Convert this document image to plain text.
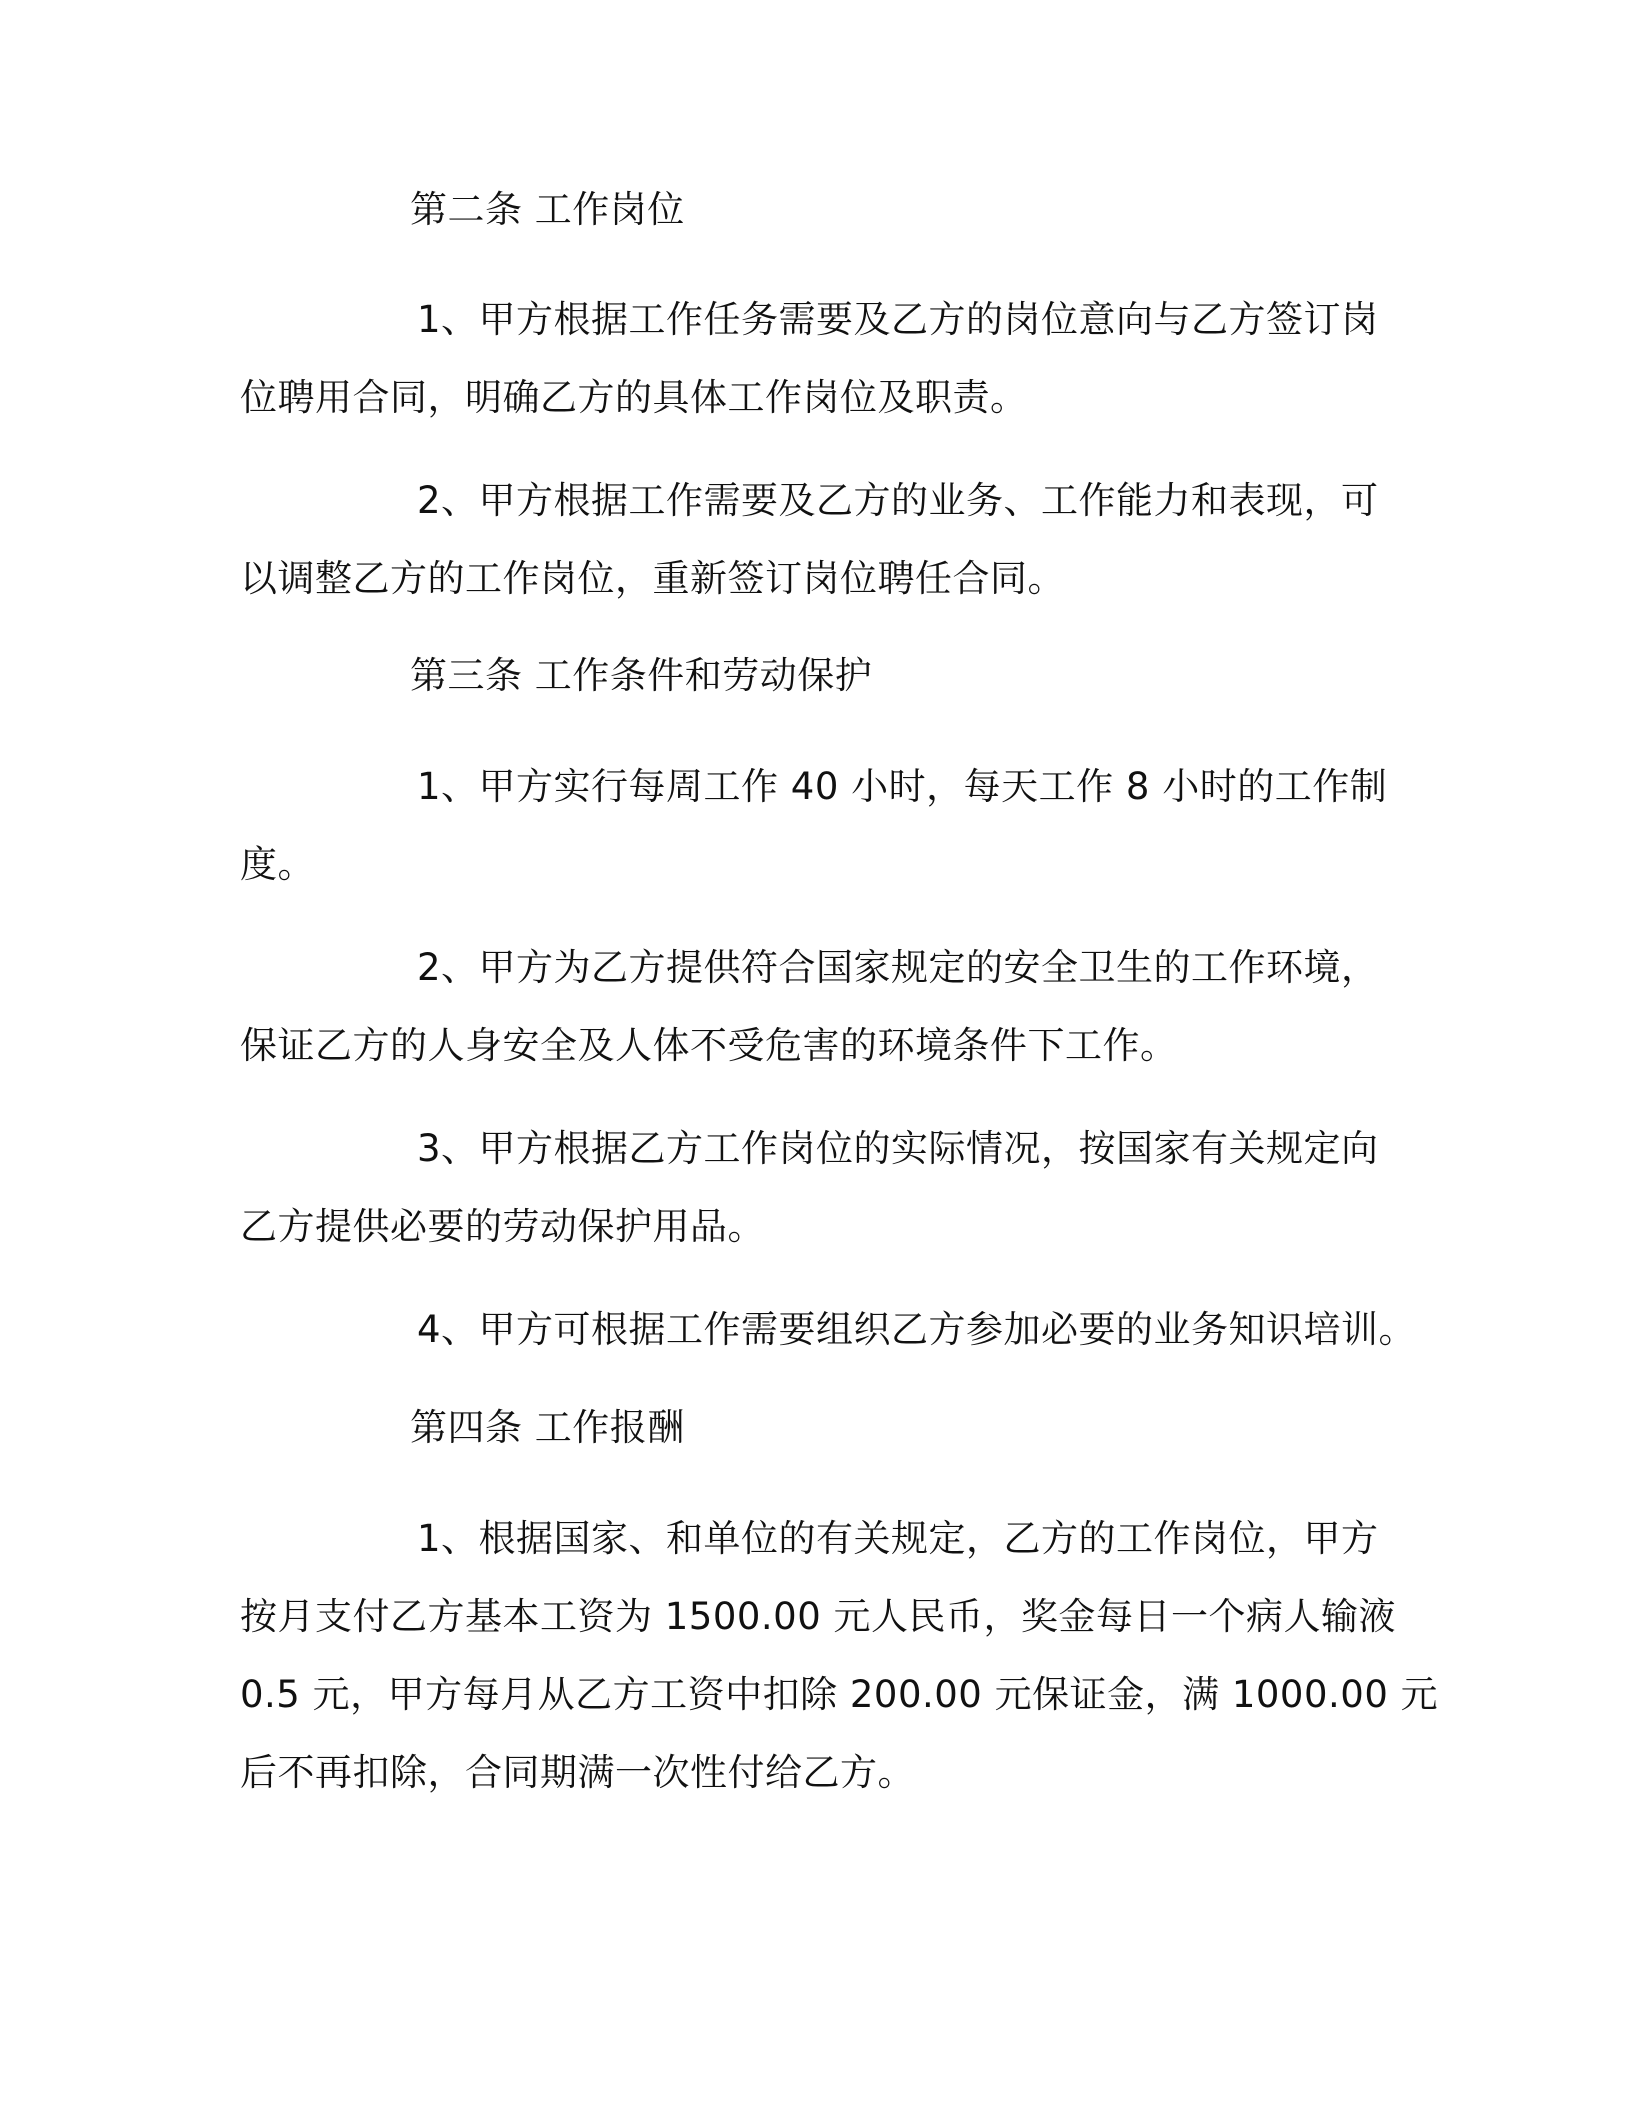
第二条 工作岗位
1、甲方根据工作任务需要及乙方的岗位意向与乙方签订岗
位聘用合同，明确乙方的具体工作岗位及职责。
2、甲方根据工作需要及乙方的业务、工作能力和表现，可
以调整乙方的工作岗位，重新签订岗位聘任合同。
第三条 工作条件和劳动保护
1、甲方实行每周工作 40 小时，每天工作 8 小时的工作制
度。
2、甲方为乙方提供符合国家规定的安全卫生的工作环境，
保证乙方的人身安全及人体不受危害的环境条件下工作。
3、甲方根据乙方工作岗位的实际情况，按国家有关规定向
乙方提供必要的劳动保护用品。
4、甲方可根据工作需要组织乙方参加必要的业务知识培训。
第四条 工作报酬
1、根据国家、和单位的有关规定，乙方的工作岗位，甲方
按月支付乙方基本工资为 1500.00 元人民币，奖金每日一个病人输液
0.5 元，甲方每月从乙方工资中扣除 200.00 元保证金，满 1000.00 元
后不再扣除，合同期满一次性付给乙方。
